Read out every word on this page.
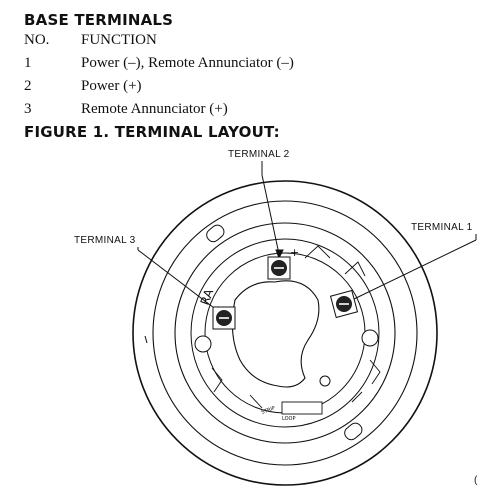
BASE TERMINALS
NO. FUNCTION
1	Power (–), Remote Annunciator (–)
2	Power (+)
3	Remote Annunciator (+)
FIGURE 1. TERMINAL LAYOUT:
TERMINAL 2
TERMINAL 1
TERMINAL 3
RA
+
LOOP
STRIP
(
